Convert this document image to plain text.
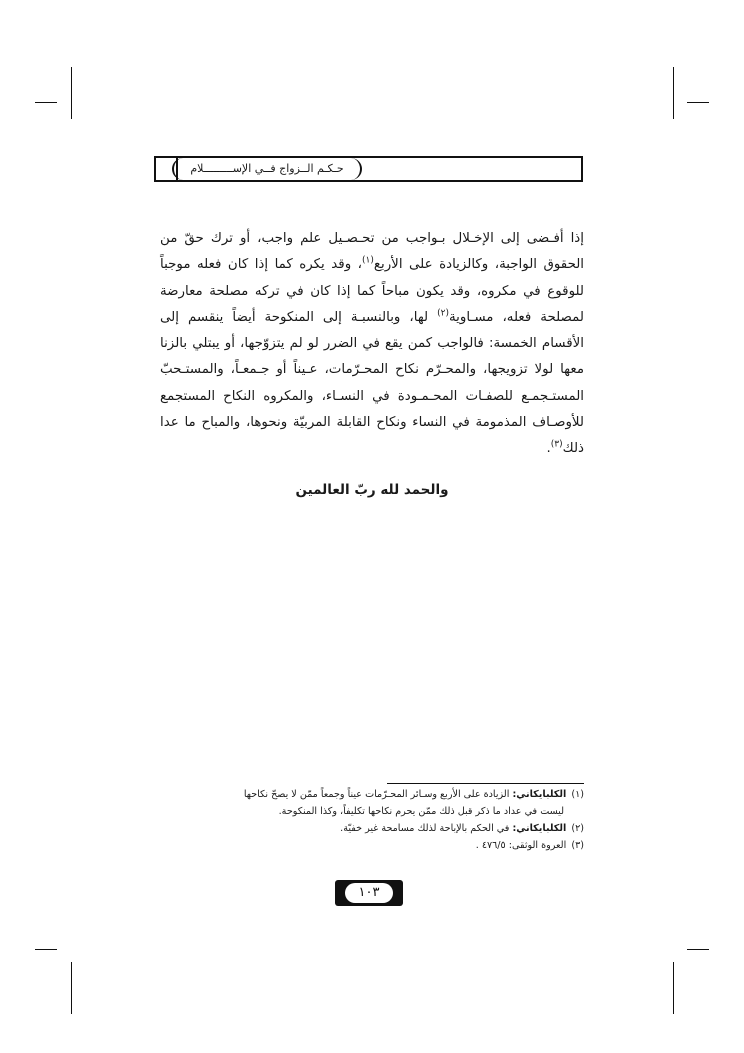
حـكـم الــزواج فــي الإســـــــــلام
إذا أفـضى إلى الإخـلال بـواجب من تحـصـيل علم واجب، أو ترك حقّ من الحقوق الواجبة، وكالزيادة على الأربع$^{(١)}$، وقد يكره كما إذا كان فعله موجباً للوقوع في مكروه، وقد يكون مباحاً كما إذا كان في تركه مصلحة معارضة لمصلحة فعله، مسـاوية$^{(٢)}$ لها، وبالنسبـة إلى المنكوحة أيضاً ينقسم إلى الأقسام الخمسة: فالواجب كمن يقع في الضرر لو لم يتزوّجها، أو يبتلي بالزنا معها لولا تزويجها، والمحـرّم نكاح المحـرّمات، عـيناً أو جـمعـاً، والمستـحبّ المستـجمـع للصفـات المحـمـودة في النسـاء، والمكروه النكاح المستجمع للأوصـاف المذمومة في النساء ونكاح القابلة المربيّة ونحوها، والمباح ما عدا ذلك$^{(٣)}$.
والحمد لله ربّ العالمين

(١) الكلبايكاني: الزيادة على الأربع وسـائر المحـرّمات عيناً وجمعاً ممّن لا يصحّ نكاحها

ليست في عداد ما ذكر قبل ذلك ممّن يحرم نكاحها تكليفاً، وكذا المنكوحة.

(٢) الكلبايكاني: في الحكم بالإباحة لذلك مسامحة غير خفيّة.

(٣) العروة الوثقى: ٤٧٦/٥ .

١٠٣
